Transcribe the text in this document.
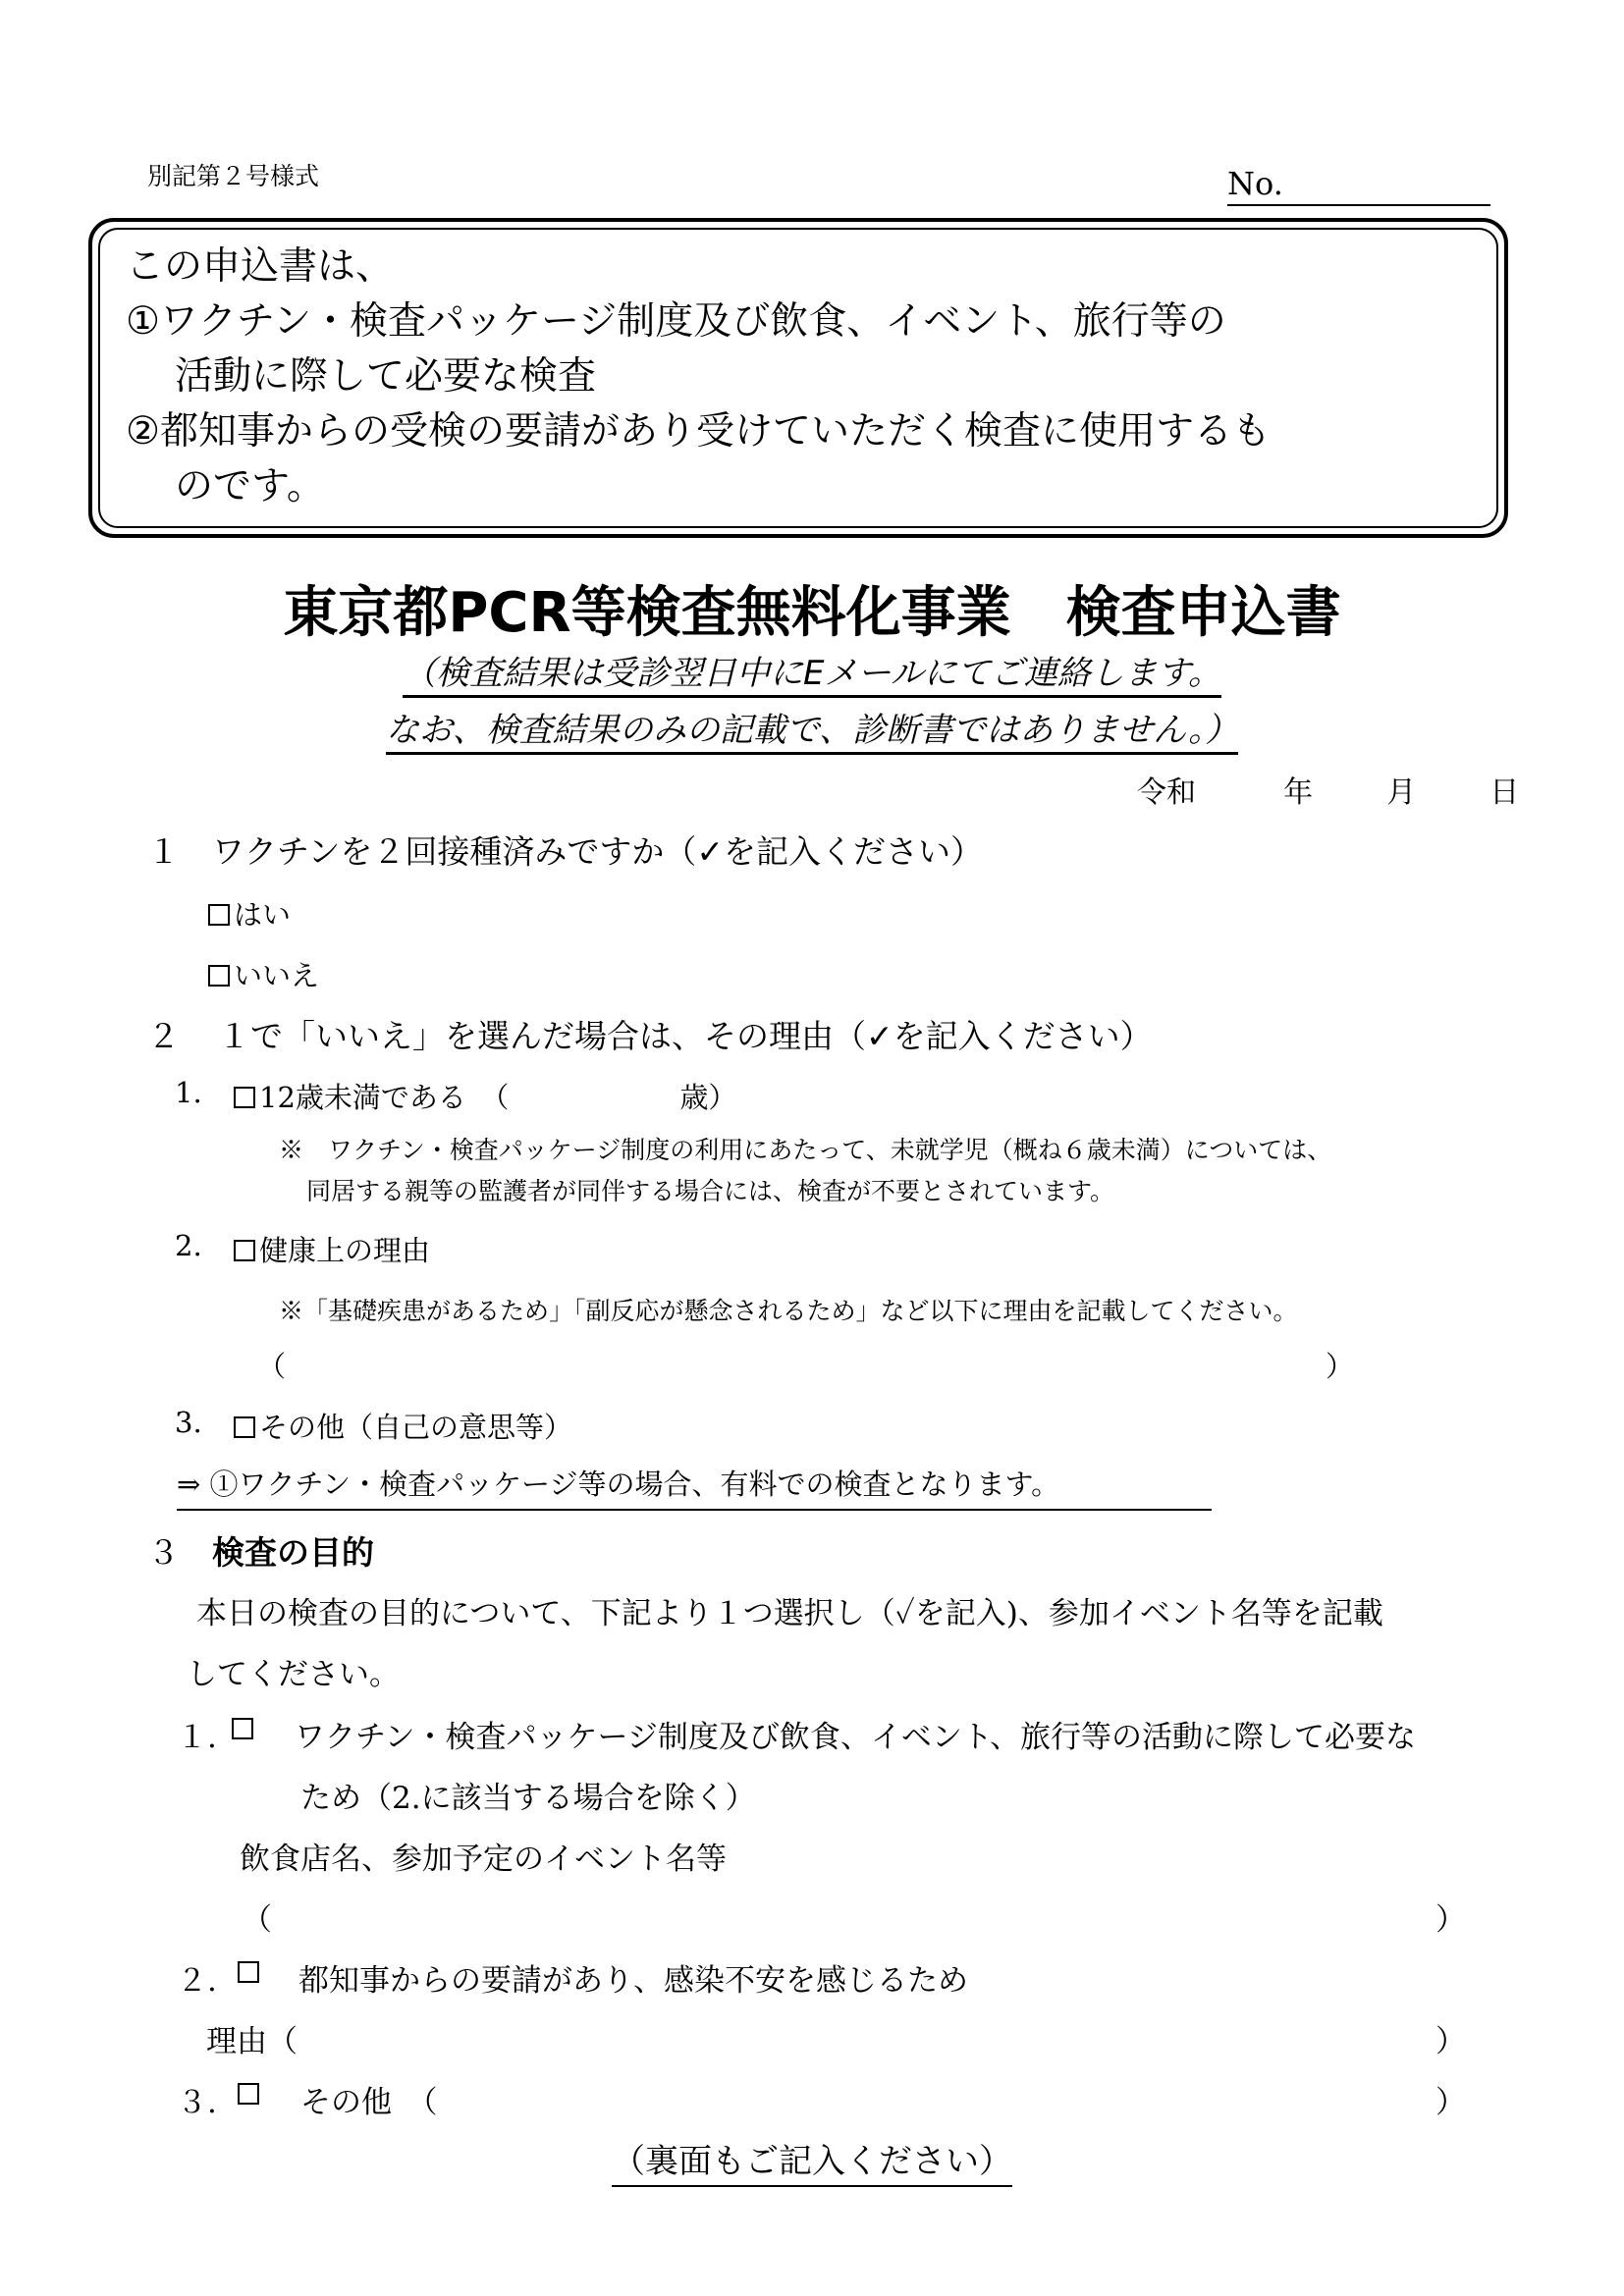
別記第２号様式	No.
この申込書は、
①ワクチン・検査パッケージ制度及び飲食、イベント、旅行等の
活動に際して必要な検査
②都知事からの受検の要請があり受けていただく検査に使用するも
のです。
東京都PCR等検査無料化事業　検査申込書
（検査結果は受診翌日中にEメールにてご連絡します。
なお、検査結果のみの記載で、診断書ではありません。）
令和	年	月	日
１ ワクチンを２回接種済みですか（✓を記入ください）
はい
いいえ
２ １で「いいえ」を選んだ場合は、その理由（✓を記入ください）
1.	12歳未満である　（　　　　　　歳）
※　ワクチン・検査パッケージ制度の利用にあたって、未就学児（概ね６歳未満）については、
同居する親等の監護者が同伴する場合には、検査が不要とされています。
2.	健康上の理由
※「基礎疾患があるため」「副反応が懸念されるため」など以下に理由を記載してください。
（	）
3.	その他（自己の意思等）
⇒ ①ワクチン・検査パッケージ等の場合、有料での検査となります。
３ 検査の目的
本日の検査の目的について、下記より１つ選択し（✓を記入)、参加イベント名等を記載
してください。
１.	ワクチン・検査パッケージ制度及び飲食、イベント、旅行等の活動に際して必要な
ため（2.に該当する場合を除く）
飲食店名、参加予定のイベント名等
（	）
２.	都知事からの要請があり、感染不安を感じるため
理由（	）
３.	その他　（	）
（裏面もご記入ください）
